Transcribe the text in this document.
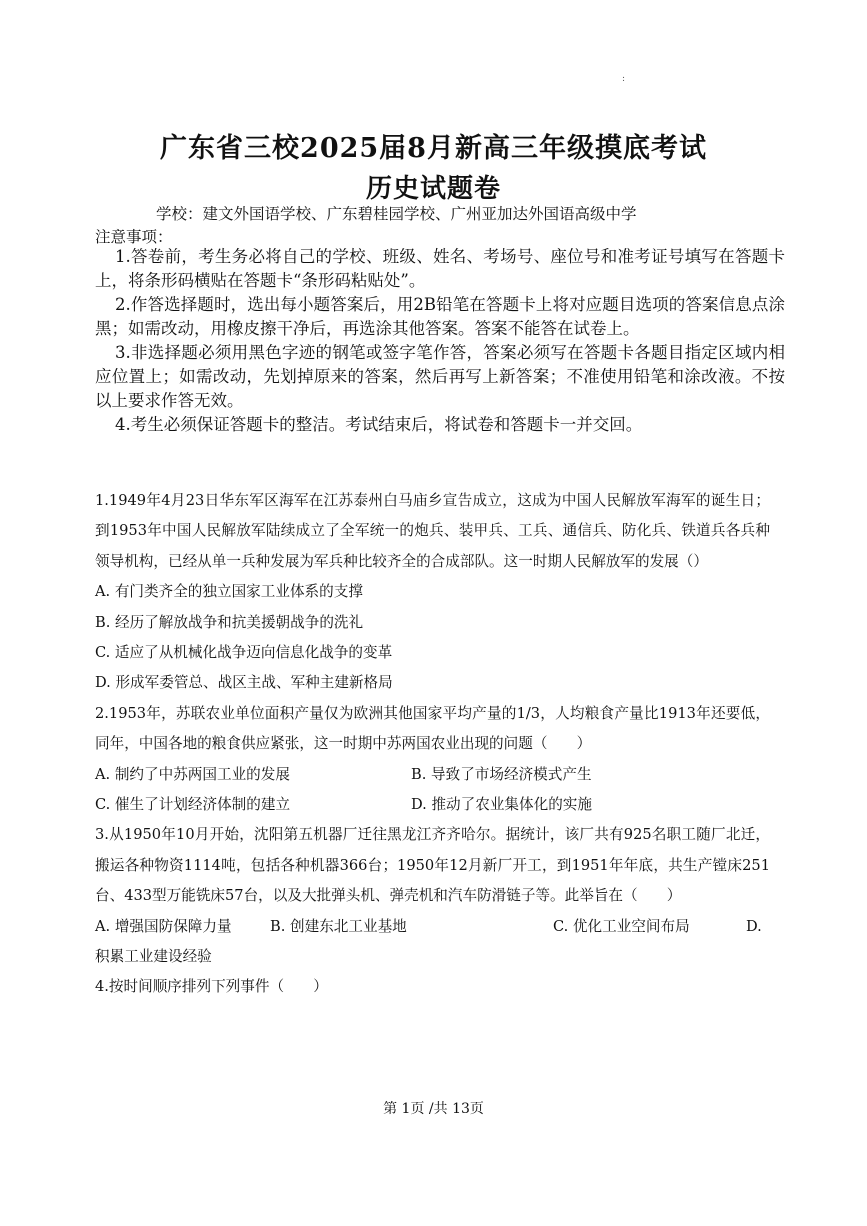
:
广东省三校2025届8月新高三年级摸底考试
历史试题卷
学校：建文外国语学校、广东碧桂园学校、广州亚加达外国语高级中学
注意事项：

1.答卷前，考生务必将自己的学校、班级、姓名、考场号、座位号和准考证号填写在答题卡上，将条形码横贴在答题卡“条形码粘贴处”。

2.作答选择题时，选出每小题答案后，用2B铅笔在答题卡上将对应题目选项的答案信息点涂黑；如需改动，用橡皮擦干净后，再选涂其他答案。答案不能答在试卷上。

3.非选择题必须用黑色字迹的钢笔或签字笔作答，答案必须写在答题卡各题目指定区域内相应位置上；如需改动，先划掉原来的答案，然后再写上新答案；不准使用铅笔和涂改液。不按以上要求作答无效。

4.考生必须保证答题卡的整洁。考试结束后，将试卷和答题卡一并交回。

1.1949年4月23日华东军区海军在江苏泰州白马庙乡宣告成立，这成为中国人民解放军海军的诞生日；到1953年中国人民解放军陆续成立了全军统一的炮兵、装甲兵、工兵、通信兵、防化兵、铁道兵各兵种领导机构，已经从单一兵种发展为军兵种比较齐全的合成部队。这一时期人民解放军的发展（）

A. 有门类齐全的独立国家工业体系的支撑

B. 经历了解放战争和抗美援朝战争的洗礼

C. 适应了从机械化战争迈向信息化战争的变革

D. 形成军委管总、战区主战、军种主建新格局

2.1953年，苏联农业单位面积产量仅为欧洲其他国家平均产量的1/3，人均粮食产量比1913年还要低，同年，中国各地的粮食供应紧张，这一时期中苏两国农业出现的问题（　　）

A. 制约了中苏两国工业的发展	B. 导致了市场经济模式产生
C. 催生了计划经济体制的建立	D. 推动了农业集体化的实施

3.从1950年10月开始，沈阳第五机器厂迁往黑龙江齐齐哈尔。据统计，该厂共有925名职工随厂北迁，搬运各种物资1114吨，包括各种机器366台；1950年12月新厂开工，到1951年年底，共生产镗床251台、433型万能铣床57台，以及大批弹头机、弹壳机和汽车防滑链子等。此举旨在（　　）

A. 增强国防保障力量	B. 创建东北工业基地	C. 优化工业空间布局	D.

积累工业建设经验

4.按时间顺序排列下列事件（　　）

第 1页 /共 13页
